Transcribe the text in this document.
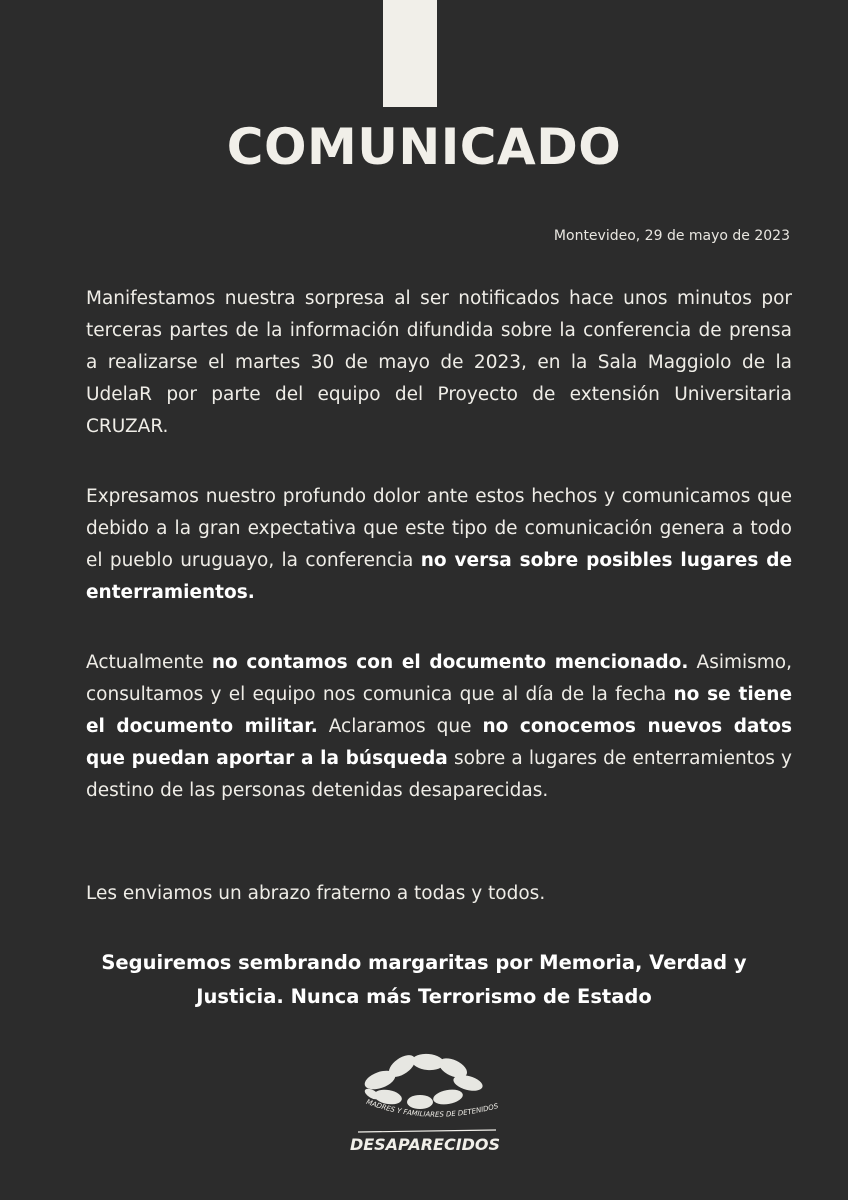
COMUNICADO
Montevideo, 29 de mayo de 2023

Manifestamos nuestra sorpresa al ser notificados hace unos minutos por terceras partes de la información difundida sobre la conferencia de prensa a realizarse el martes 30 de mayo de 2023, en la Sala Maggiolo de la UdelaR por parte del equipo del Proyecto de extensión Universitaria CRUZAR.

Expresamos nuestro profundo dolor ante estos hechos y comunicamos que debido a la gran expectativa que este tipo de comunicación genera a todo el pueblo uruguayo, la conferencia no versa sobre posibles lugares de enterramientos.

Actualmente no contamos con el documento mencionado. Asimismo, consultamos y el equipo nos comunica que al día de la fecha no se tiene el documento militar. Aclaramos que no conocemos nuevos datos que puedan aportar a la búsqueda sobre a lugares de enterramientos y destino de las personas detenidas desaparecidas.

Les enviamos un abrazo fraterno a todas y todos.

Seguiremos sembrando margaritas por Memoria, Verdad y
Justicia. Nunca más Terrorismo de Estado

MADRES Y FAMILIARES DE DETENIDOS
DESAPARECIDOS
